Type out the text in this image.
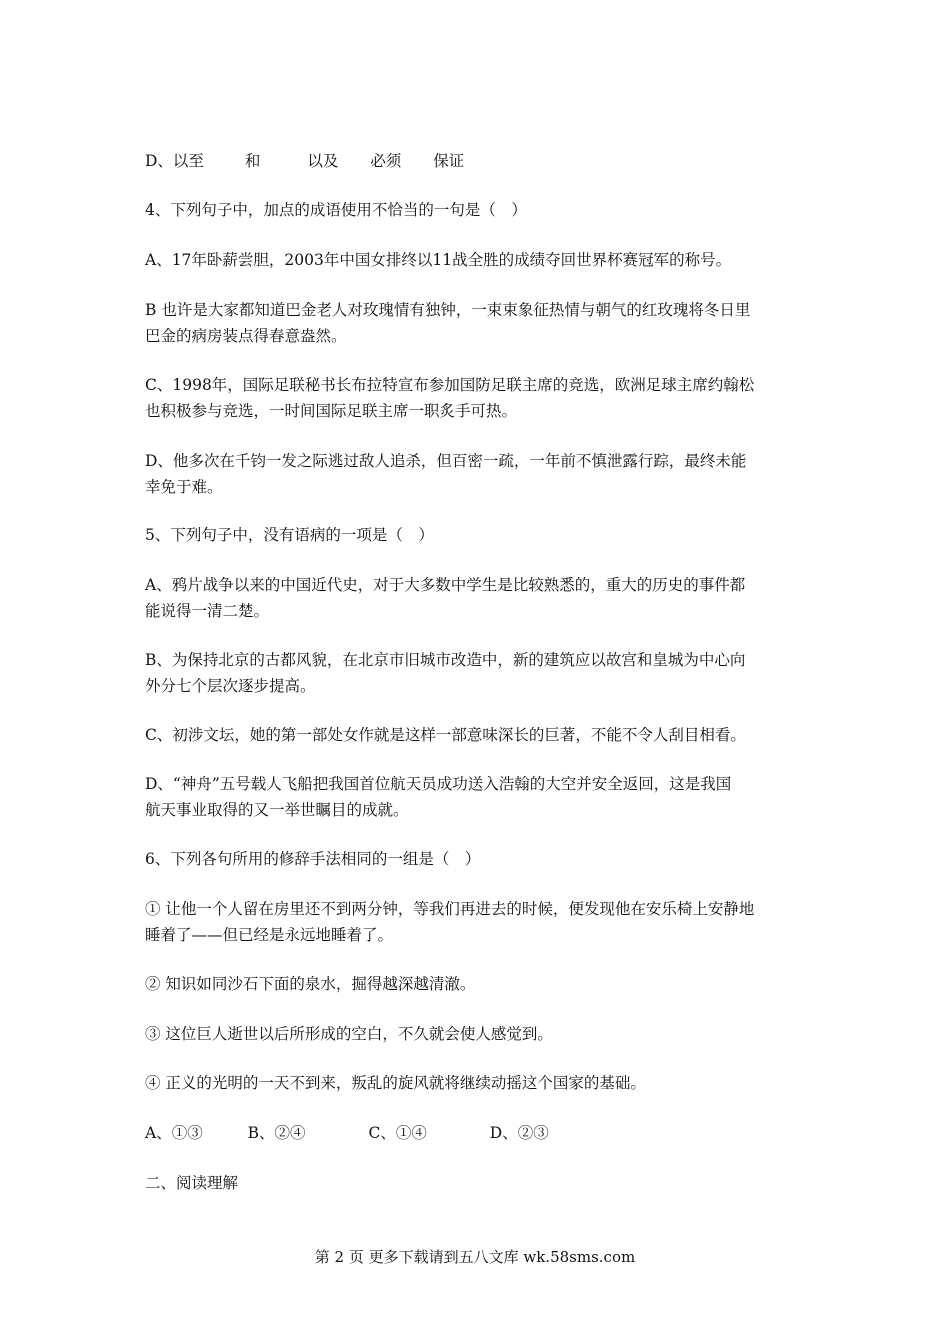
D、以至	和	以及 必须 保证
4、下列句子中，加点的成语使用不恰当的一句是（　）
A、17年卧薪尝胆，2003年中国女排终以11战全胜的成绩夺回世界杯赛冠军的称号。
B 也许是大家都知道巴金老人对玫瑰情有独钟，一束束象征热情与朝气的红玫瑰将冬日里
巴金的病房装点得春意盎然。
C、1998年，国际足联秘书长布拉特宣布参加国防足联主席的竞选，欧洲足球主席约翰松
也积极参与竞选，一时间国际足联主席一职炙手可热。
D、他多次在千钧一发之际逃过敌人追杀，但百密一疏，一年前不慎泄露行踪，最终未能
幸免于难。
5、下列句子中，没有语病的一项是（　）
A、鸦片战争以来的中国近代史，对于大多数中学生是比较熟悉的，重大的历史的事件都
能说得一清二楚。
B、为保持北京的古都风貌，在北京市旧城市改造中，新的建筑应以故宫和皇城为中心向
外分七个层次逐步提高。
C、初涉文坛，她的第一部处女作就是这样一部意味深长的巨著，不能不令人刮目相看。
D、“神舟”五号载人飞船把我国首位航天员成功送入浩翰的大空并安全返回，这是我国
航天事业取得的又一举世瞩目的成就。
6、下列各句所用的修辞手法相同的一组是（　）
① 让他一个人留在房里还不到两分钟，等我们再进去的时候，便发现他在安乐椅上安静地
睡着了——但已经是永远地睡着了。
② 知识如同沙石下面的泉水，掘得越深越清澈。
③ 这位巨人逝世以后所形成的空白，不久就会使人感觉到。
④ 正义的光明的一天不到来，叛乱的旋风就将继续动摇这个国家的基础。
A、①③	B、②④	C、①④	D、②③
二、阅读理解
第 2 页 更多下载请到五八文库 wk.58sms.com
